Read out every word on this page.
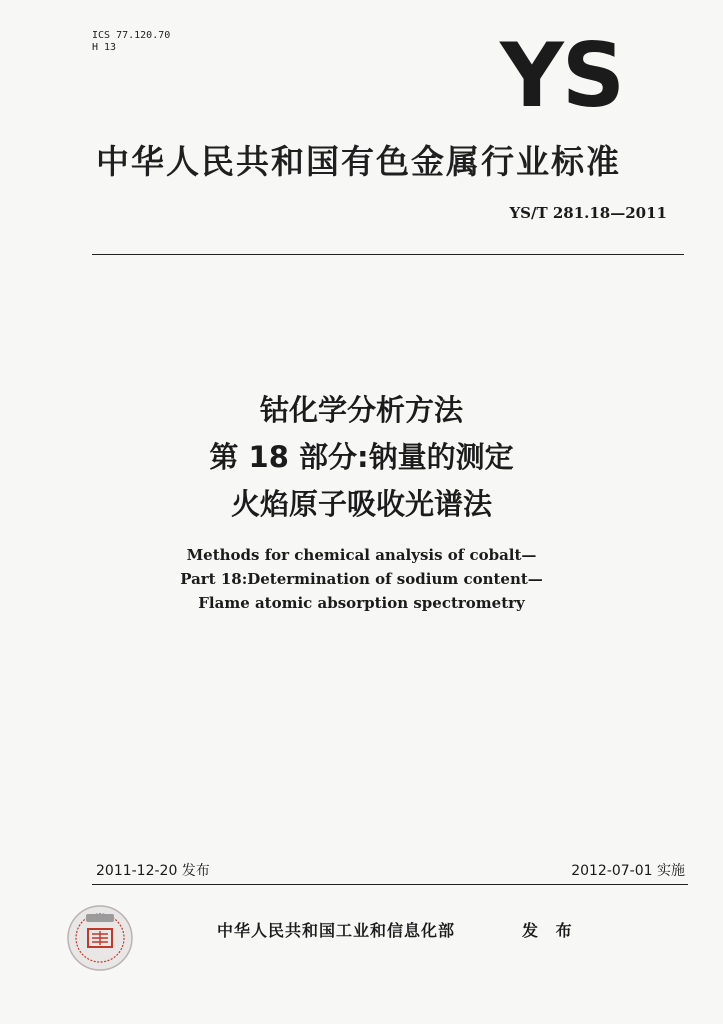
ICS 77.120.70
H 13	YS
中华人民共和国有色金属行业标准
YS/T 281.18—2011
钴化学分析方法
第 18 部分:钠量的测定
火焰原子吸收光谱法
Methods for chemical analysis of cobalt—
Part 18:Determination of sodium content—
Flame atomic absorption spectrometry
2011-12-20 发布	2012-07-01 实施
中华人民共和国工业和信息化部	发 布
